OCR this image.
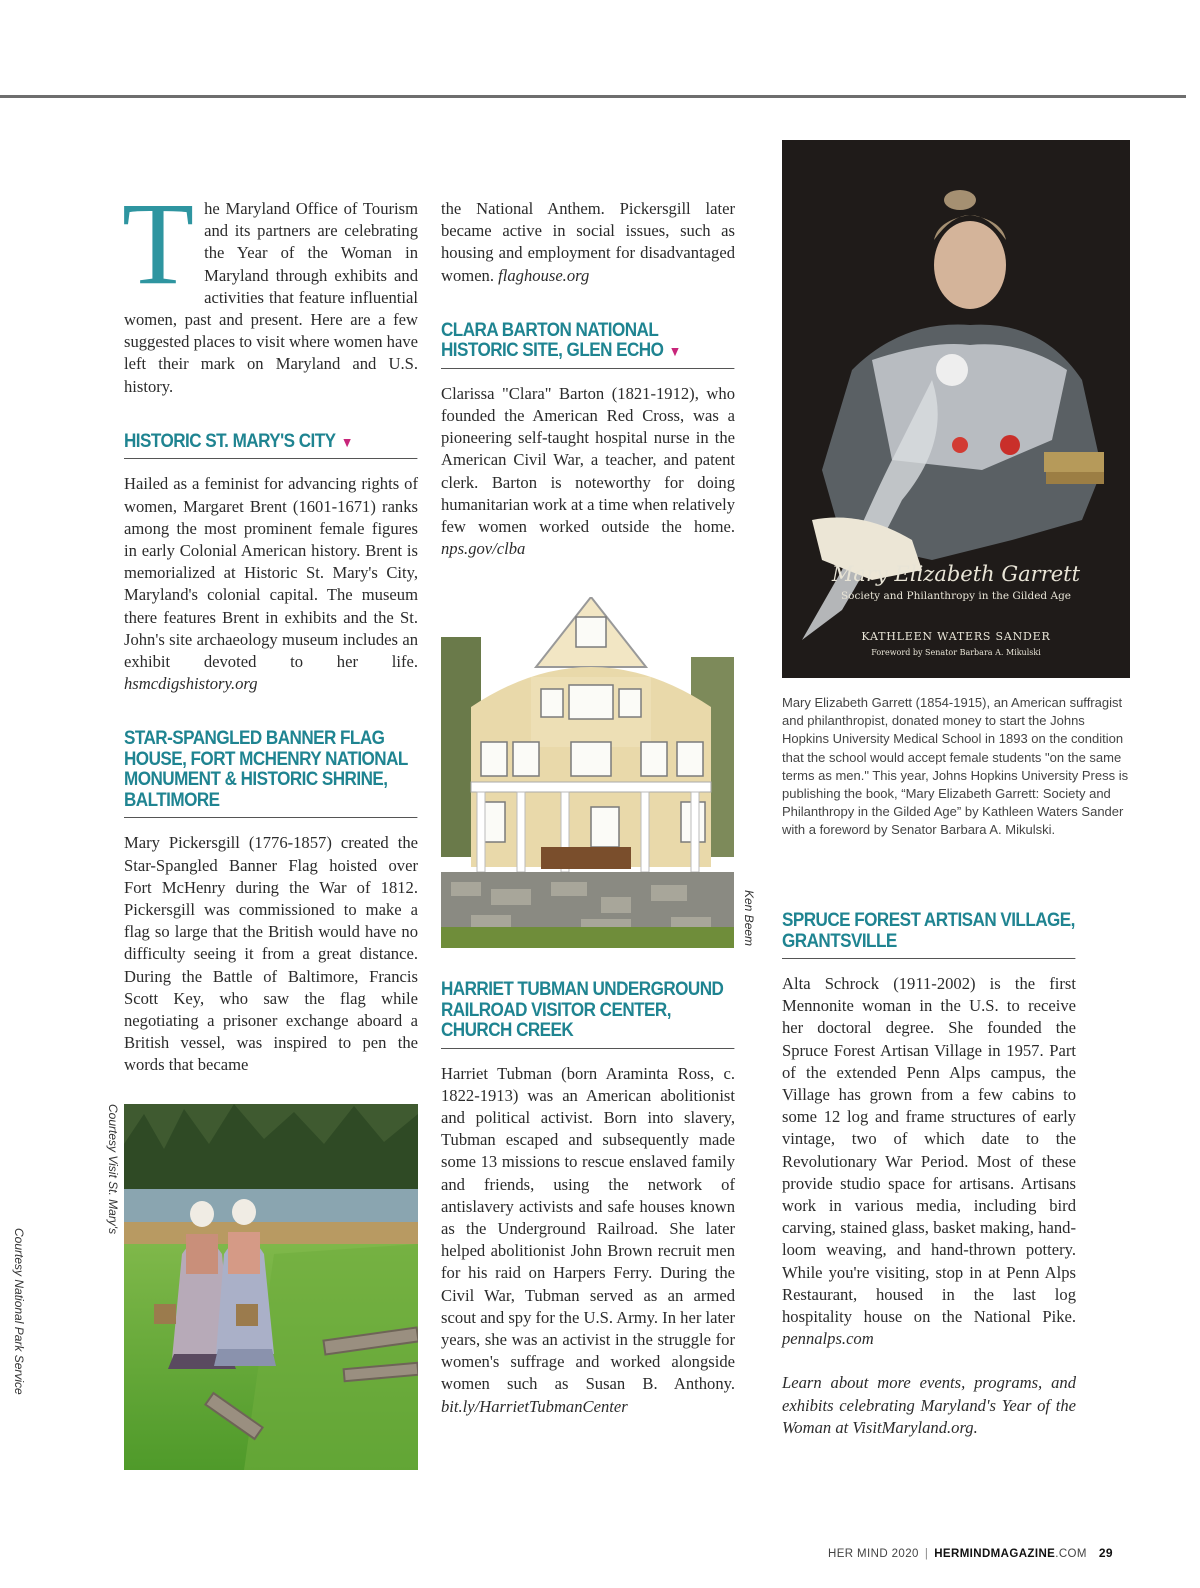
The Maryland Office of Tourism and its partners are celebrating the Year of the Woman in Maryland through exhibits and activities that feature influential women, past and present. Here are a few suggested places to visit where women have left their mark on Maryland and U.S. history.

HISTORIC ST. MARY'S CITY ▼

Hailed as a feminist for advancing rights of women, Margaret Brent (1601-1671) ranks among the most prominent female figures in early Colonial American history. Brent is memorialized at Historic St. Mary's City, Maryland's colonial capital. The museum there features Brent in exhibits and the St. John's site archaeology museum includes an exhibit devoted to her life. hsmcdigshistory.org

STAR-SPANGLED BANNER FLAG HOUSE, FORT MCHENRY NATIONAL MONUMENT & HISTORIC SHRINE, BALTIMORE

Mary Pickersgill (1776-1857) created the Star-Spangled Banner Flag hoisted over Fort McHenry during the War of 1812. Pickersgill was commissioned to make a flag so large that the British would have no difficulty seeing it from a great distance. During the Battle of Baltimore, Francis Scott Key, who saw the flag while negotiating a prisoner exchange aboard a British vessel, was inspired to pen the words that became

Courtesy Visit St. Mary's
Courtesy National Park Service

the National Anthem. Pickersgill later became active in social issues, such as housing and employment for disadvantaged women. flaghouse.org

CLARA BARTON NATIONAL HISTORIC SITE, GLEN ECHO ▼

Clarissa "Clara" Barton (1821-1912), who founded the American Red Cross, was a pioneering self-taught hospital nurse in the American Civil War, a teacher, and patent clerk. Barton is noteworthy for doing humanitarian work at a time when relatively few women worked outside the home. nps.gov/clba

Ken Beem
HARRIET TUBMAN UNDERGROUND RAILROAD VISITOR CENTER, CHURCH CREEK

Harriet Tubman (born Araminta Ross, c. 1822-1913) was an American abolitionist and political activist. Born into slavery, Tubman escaped and subsequently made some 13 missions to rescue enslaved family and friends, using the network of antislavery activists and safe houses known as the Underground Railroad. She later helped abolitionist John Brown recruit men for his raid on Harpers Ferry. During the Civil War, Tubman served as an armed scout and spy for the U.S. Army. In her later years, she was an activist in the struggle for women's suffrage and worked alongside women such as Susan B. Anthony. bit.ly/HarrietTubmanCenter

Mary Elizabeth Garrett
Society and Philanthropy in the Gilded Age
KATHLEEN WATERS SANDER
Foreword by Senator Barbara A. Mikulski

Mary Elizabeth Garrett (1854-1915), an American suffragist and philanthropist, donated money to start the Johns Hopkins University Medical School in 1893 on the condition that the school would accept female students "on the same terms as men." This year, Johns Hopkins University Press is publishing the book, “Mary Elizabeth Garrett: Society and Philanthropy in the Gilded Age” by Kathleen Waters Sander with a foreword by Senator Barbara A. Mikulski.

SPRUCE FOREST ARTISAN VILLAGE, GRANTSVILLE

Alta Schrock (1911-2002) is the first Mennonite woman in the U.S. to receive her doctoral degree. She founded the Spruce Forest Artisan Village in 1957. Part of the extended Penn Alps campus, the Village has grown from a few cabins to some 12 log and frame structures of early vintage, two of which date to the Revolutionary War Period. Most of these provide studio space for artisans. Artisans work in various media, including bird carving, stained glass, basket making, hand-loom weaving, and hand-thrown pottery. While you're visiting, stop in at Penn Alps Restaurant, housed in the last log hospitality house on the National Pike. pennalps.com

Learn about more events, programs, and exhibits celebrating Maryland's Year of the Woman at VisitMaryland.org.

HER MIND 2020 | HERMINDMAGAZINE.COM 29
